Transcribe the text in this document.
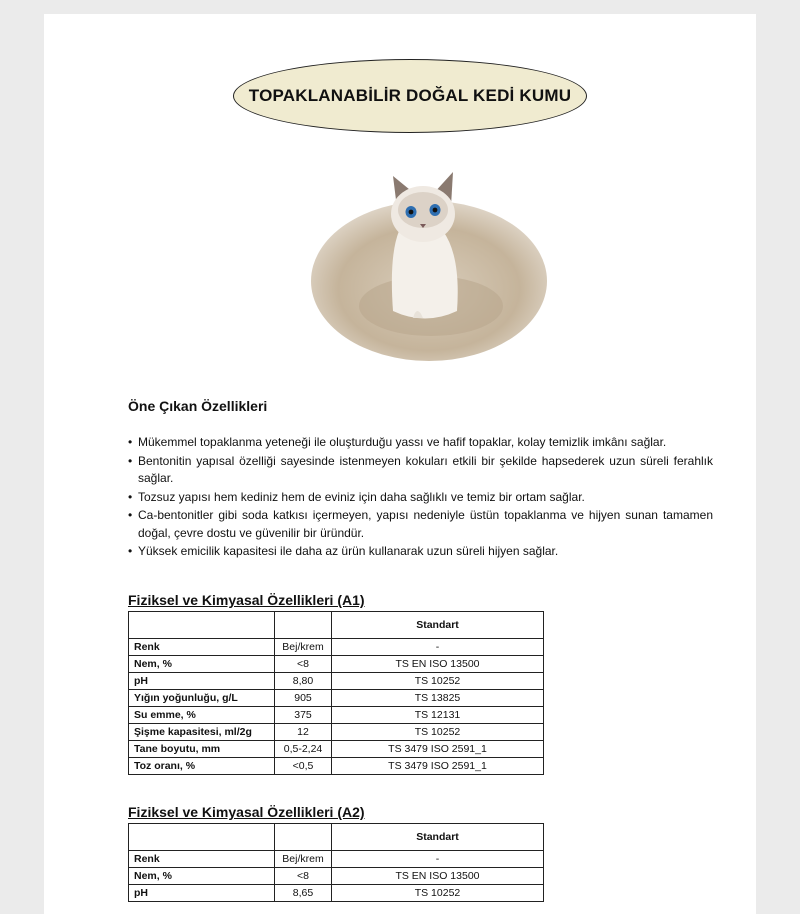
TOPAKLANABİLİR DOĞAL KEDİ KUMU
Öne Çıkan Özellikleri
• Mükemmel topaklanma yeteneği ile oluşturduğu yassı ve hafif topaklar, kolay temizlik imkânı sağlar.
• Bentonitin yapısal özelliği sayesinde istenmeyen kokuları etkili bir şekilde hapsederek uzun süreli ferahlık sağlar.
• Tozsuz yapısı hem kediniz hem de eviniz için daha sağlıklı ve temiz bir ortam sağlar.
• Ca-bentonitler gibi soda katkısı içermeyen, yapısı nedeniyle üstün topaklanma ve hijyen sunan tamamen doğal, çevre dostu ve güvenilir bir üründür.
• Yüksek emicilik kapasitesi ile daha az ürün kullanarak uzun süreli hijyen sağlar.
Fiziksel ve Kimyasal Özellikleri (A1)
		Standart
Renk	Bej/krem	-
Nem, %	<8	TS EN ISO 13500
pH	8,80	TS 10252
Yığın yoğunluğu, g/L	905	TS 13825
Su emme, %	375	TS 12131
Şişme kapasitesi, ml/2g	12	TS 10252
Tane boyutu, mm	0,5-2,24	TS 3479 ISO 2591_1
Toz oranı, %	<0,5	TS 3479 ISO 2591_1
Fiziksel ve Kimyasal Özellikleri (A2)
		Standart
Renk	Bej/krem	-
Nem, %	<8	TS EN ISO 13500
pH	8,65	TS 10252
